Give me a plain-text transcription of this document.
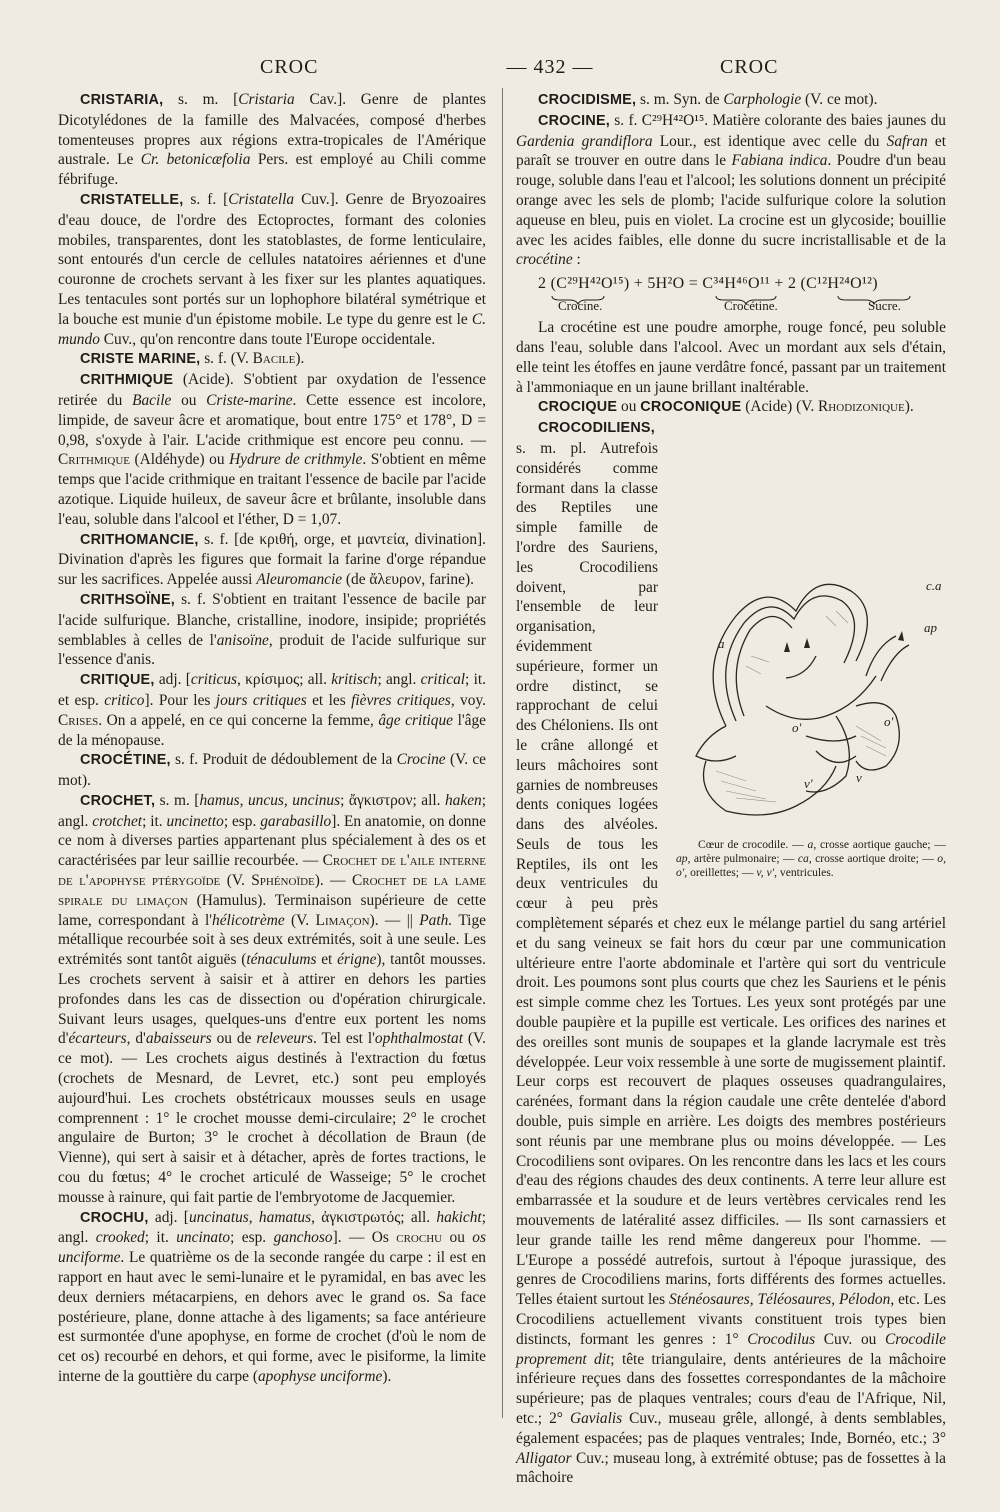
CROC	— 432 —	CROC

CRISTARIA, s. m. [Cristaria Cav.]. Genre de plantes Dicotylédones de la famille des Malvacées, composé d'herbes tomenteuses propres aux régions extra-tropicales de l'Amérique australe. Le Cr. betonicæfolia Pers. est employé au Chili comme fébrifuge.

CRISTATELLE, s. f. [Cristatella Cuv.]. Genre de Bryozoaires d'eau douce, de l'ordre des Ectoproctes, formant des colonies mobiles, transparentes, dont les statoblastes, de forme lenticulaire, sont entourés d'un cercle de cellules natatoires aériennes et d'une couronne de crochets servant à les fixer sur les plantes aquatiques. Les tentacules sont portés sur un lophophore bilatéral symétrique et la bouche est munie d'un épistome mobile. Le type du genre est le C. mundo Cuv., qu'on rencontre dans toute l'Europe occidentale.

CRISTE MARINE, s. f. (V. Bacile).

CRITHMIQUE (Acide). S'obtient par oxydation de l'essence retirée du Bacile ou Criste-marine. Cette essence est incolore, limpide, de saveur âcre et aromatique, bout entre 175° et 178°, D = 0,98, s'oxyde à l'air. L'acide crithmique est encore peu connu. — Crithmique (Aldéhyde) ou Hydrure de crithmyle. S'obtient en même temps que l'acide crithmique en traitant l'essence de bacile par l'acide azotique. Liquide huileux, de saveur âcre et brûlante, insoluble dans l'eau, soluble dans l'alcool et l'éther, D = 1,07.

CRITHOMANCIE, s. f. [de κριθή, orge, et μαντεία, divination]. Divination d'après les figures que formait la farine d'orge répandue sur les sacrifices. Appelée aussi Aleuromancie (de ἄλευρον, farine).

CRITHSOÏNE, s. f. S'obtient en traitant l'essence de bacile par l'acide sulfurique. Blanche, cristalline, inodore, insipide; propriétés semblables à celles de l'anisoïne, produit de l'acide sulfurique sur l'essence d'anis.

CRITIQUE, adj. [criticus, κρίσιμος; all. kritisch; angl. critical; it. et esp. critico]. Pour les jours critiques et les fièvres critiques, voy. Crises. On a appelé, en ce qui concerne la femme, âge critique l'âge de la ménopause.

CROCÉTINE, s. f. Produit de dédoublement de la Crocine (V. ce mot).

CROCHET, s. m. [hamus, uncus, uncinus; ἄγκιστρον; all. haken; angl. crotchet; it. uncinetto; esp. garabasillo]. En anatomie, on donne ce nom à diverses parties appartenant plus spécialement à des os et caractérisées par leur saillie recourbée. — Crochet de l'aile interne de l'apophyse ptérygoïde (V. Sphénoïde). — Crochet de la lame spirale du limaçon (Hamulus). Terminaison supérieure de cette lame, correspondant à l'hélicotrème (V. Limaçon). — || Path. Tige métallique recourbée soit à ses deux extrémités, soit à une seule. Les extrémités sont tantôt aiguës (ténaculums et érigne), tantôt mousses. Les crochets servent à saisir et à attirer en dehors les parties profondes dans les cas de dissection ou d'opération chirurgicale. Suivant leurs usages, quelques-uns d'entre eux portent les noms d'écarteurs, d'abaisseurs ou de releveurs. Tel est l'ophthalmostat (V. ce mot). — Les crochets aigus destinés à l'extraction du fœtus (crochets de Mesnard, de Levret, etc.) sont peu employés aujourd'hui. Les crochets obstétricaux mousses seuls en usage comprennent : 1° le crochet mousse demi-circulaire; 2° le crochet angulaire de Burton; 3° le crochet à décollation de Braun (de Vienne), qui sert à saisir et à détacher, après de fortes tractions, le cou du fœtus; 4° le crochet articulé de Wasseige; 5° le crochet mousse à rainure, qui fait partie de l'embryotome de Jacquemier.

CROCHU, adj. [uncinatus, hamatus, ἀγκιστρωτός; all. hakicht; angl. crooked; it. uncinato; esp. ganchoso]. — Os crochu ou os unciforme. Le quatrième os de la seconde rangée du carpe : il est en rapport en haut avec le semi-lunaire et le pyramidal, en bas avec les deux derniers métacarpiens, en dehors avec le grand os. Sa face postérieure, plane, donne attache à des ligaments; sa face antérieure est surmontée d'une apophyse, en forme de crochet (d'où le nom de cet os) recourbé en dehors, et qui forme, avec le pisiforme, la limite interne de la gouttière du carpe (apophyse unciforme).

CROCIDISME, s. m. Syn. de Carphologie (V. ce mot).

CROCINE, s. f. C²⁹H⁴²O¹⁵. Matière colorante des baies jaunes du Gardenia grandiflora Lour., est identique avec celle du Safran et paraît se trouver en outre dans le Fabiana indica. Poudre d'un beau rouge, soluble dans l'eau et l'alcool; les solutions donnent un précipité orange avec les sels de plomb; l'acide sulfurique colore la solution aqueuse en bleu, puis en violet. La crocine est un glycoside; bouillie avec les acides faibles, elle donne du sucre incristallisable et de la crocétine :

2 (C²⁹H⁴²O¹⁵) + 5H²O = C³⁴H⁴⁶O¹¹ + 2 (C¹²H²⁴O¹²)
Crocine.	Crocétine.	Sucre.

La crocétine est une poudre amorphe, rouge foncé, peu soluble dans l'eau, soluble dans l'alcool. Avec un mordant aux sels d'étain, elle teint les étoffes en jaune verdâtre foncé, passant par un traitement à l'ammoniaque en un jaune brillant inaltérable.

CROCIQUE ou CROCONIQUE (Acide) (V. Rhodizonique).

CROCODILIENS,
c.a
a
ap
o'	o'
v'	v
Cœur de crocodile. — a, crosse aortique gauche; — ap, artère pulmonaire; — ca, crosse aortique droite; — o, o', oreillettes; — v, v', ventricules.
s. m. pl. Autrefois considérés comme formant dans la classe des Reptiles une simple famille de l'ordre des Sauriens, les Crocodiliens doivent, par l'ensemble de leur organisation, évidemment supérieure, former un ordre distinct, se rapprochant de celui des Chéloniens. Ils ont le crâne allongé et leurs mâchoires sont garnies de nombreuses dents coniques logées dans des alvéoles. Seuls de tous les Reptiles, ils ont les deux ventricules du cœur à peu près complètement séparés et chez eux le mélange partiel du sang artériel et du sang veineux se fait hors du cœur par une communication ultérieure entre l'aorte abdominale et l'artère qui sort du ventricule droit. Les poumons sont plus courts que chez les Sauriens et le pénis est simple comme chez les Tortues. Les yeux sont protégés par une double paupière et la pupille est verticale. Les orifices des narines et des oreilles sont munis de soupapes et la glande lacrymale est très développée. Leur voix ressemble à une sorte de mugissement plaintif. Leur corps est recouvert de plaques osseuses quadrangulaires, carénées, formant dans la région caudale une crête dentelée d'abord double, puis simple en arrière. Les doigts des membres postérieurs sont réunis par une membrane plus ou moins développée. — Les Crocodiliens sont ovipares. On les rencontre dans les lacs et les cours d'eau des régions chaudes des deux continents. A terre leur allure est embarrassée et la soudure et de leurs vertèbres cervicales rend les mouvements de latéralité assez difficiles. — Ils sont carnassiers et leur grande taille les rend même dangereux pour l'homme. — L'Europe a possédé autrefois, surtout à l'époque jurassique, des genres de Crocodiliens marins, forts différents des formes actuelles. Telles étaient surtout les Sténéosaures, Téléosaures, Pélodon, etc. Les Crocodiliens actuellement vivants constituent trois types bien distincts, formant les genres : 1° Crocodilus Cuv. ou Crocodile proprement dit; tête triangulaire, dents antérieures de la mâchoire inférieure reçues dans des fossettes correspondantes de la mâchoire supérieure; pas de plaques ventrales; cours d'eau de l'Afrique, Nil, etc.; 2° Gavialis Cuv., museau grêle, allongé, à dents semblables, également espacées; pas de plaques ventrales; Inde, Bornéo, etc.; 3° Alligator Cuv.; museau long, à extrémité obtuse; pas de fossettes à la mâchoire
